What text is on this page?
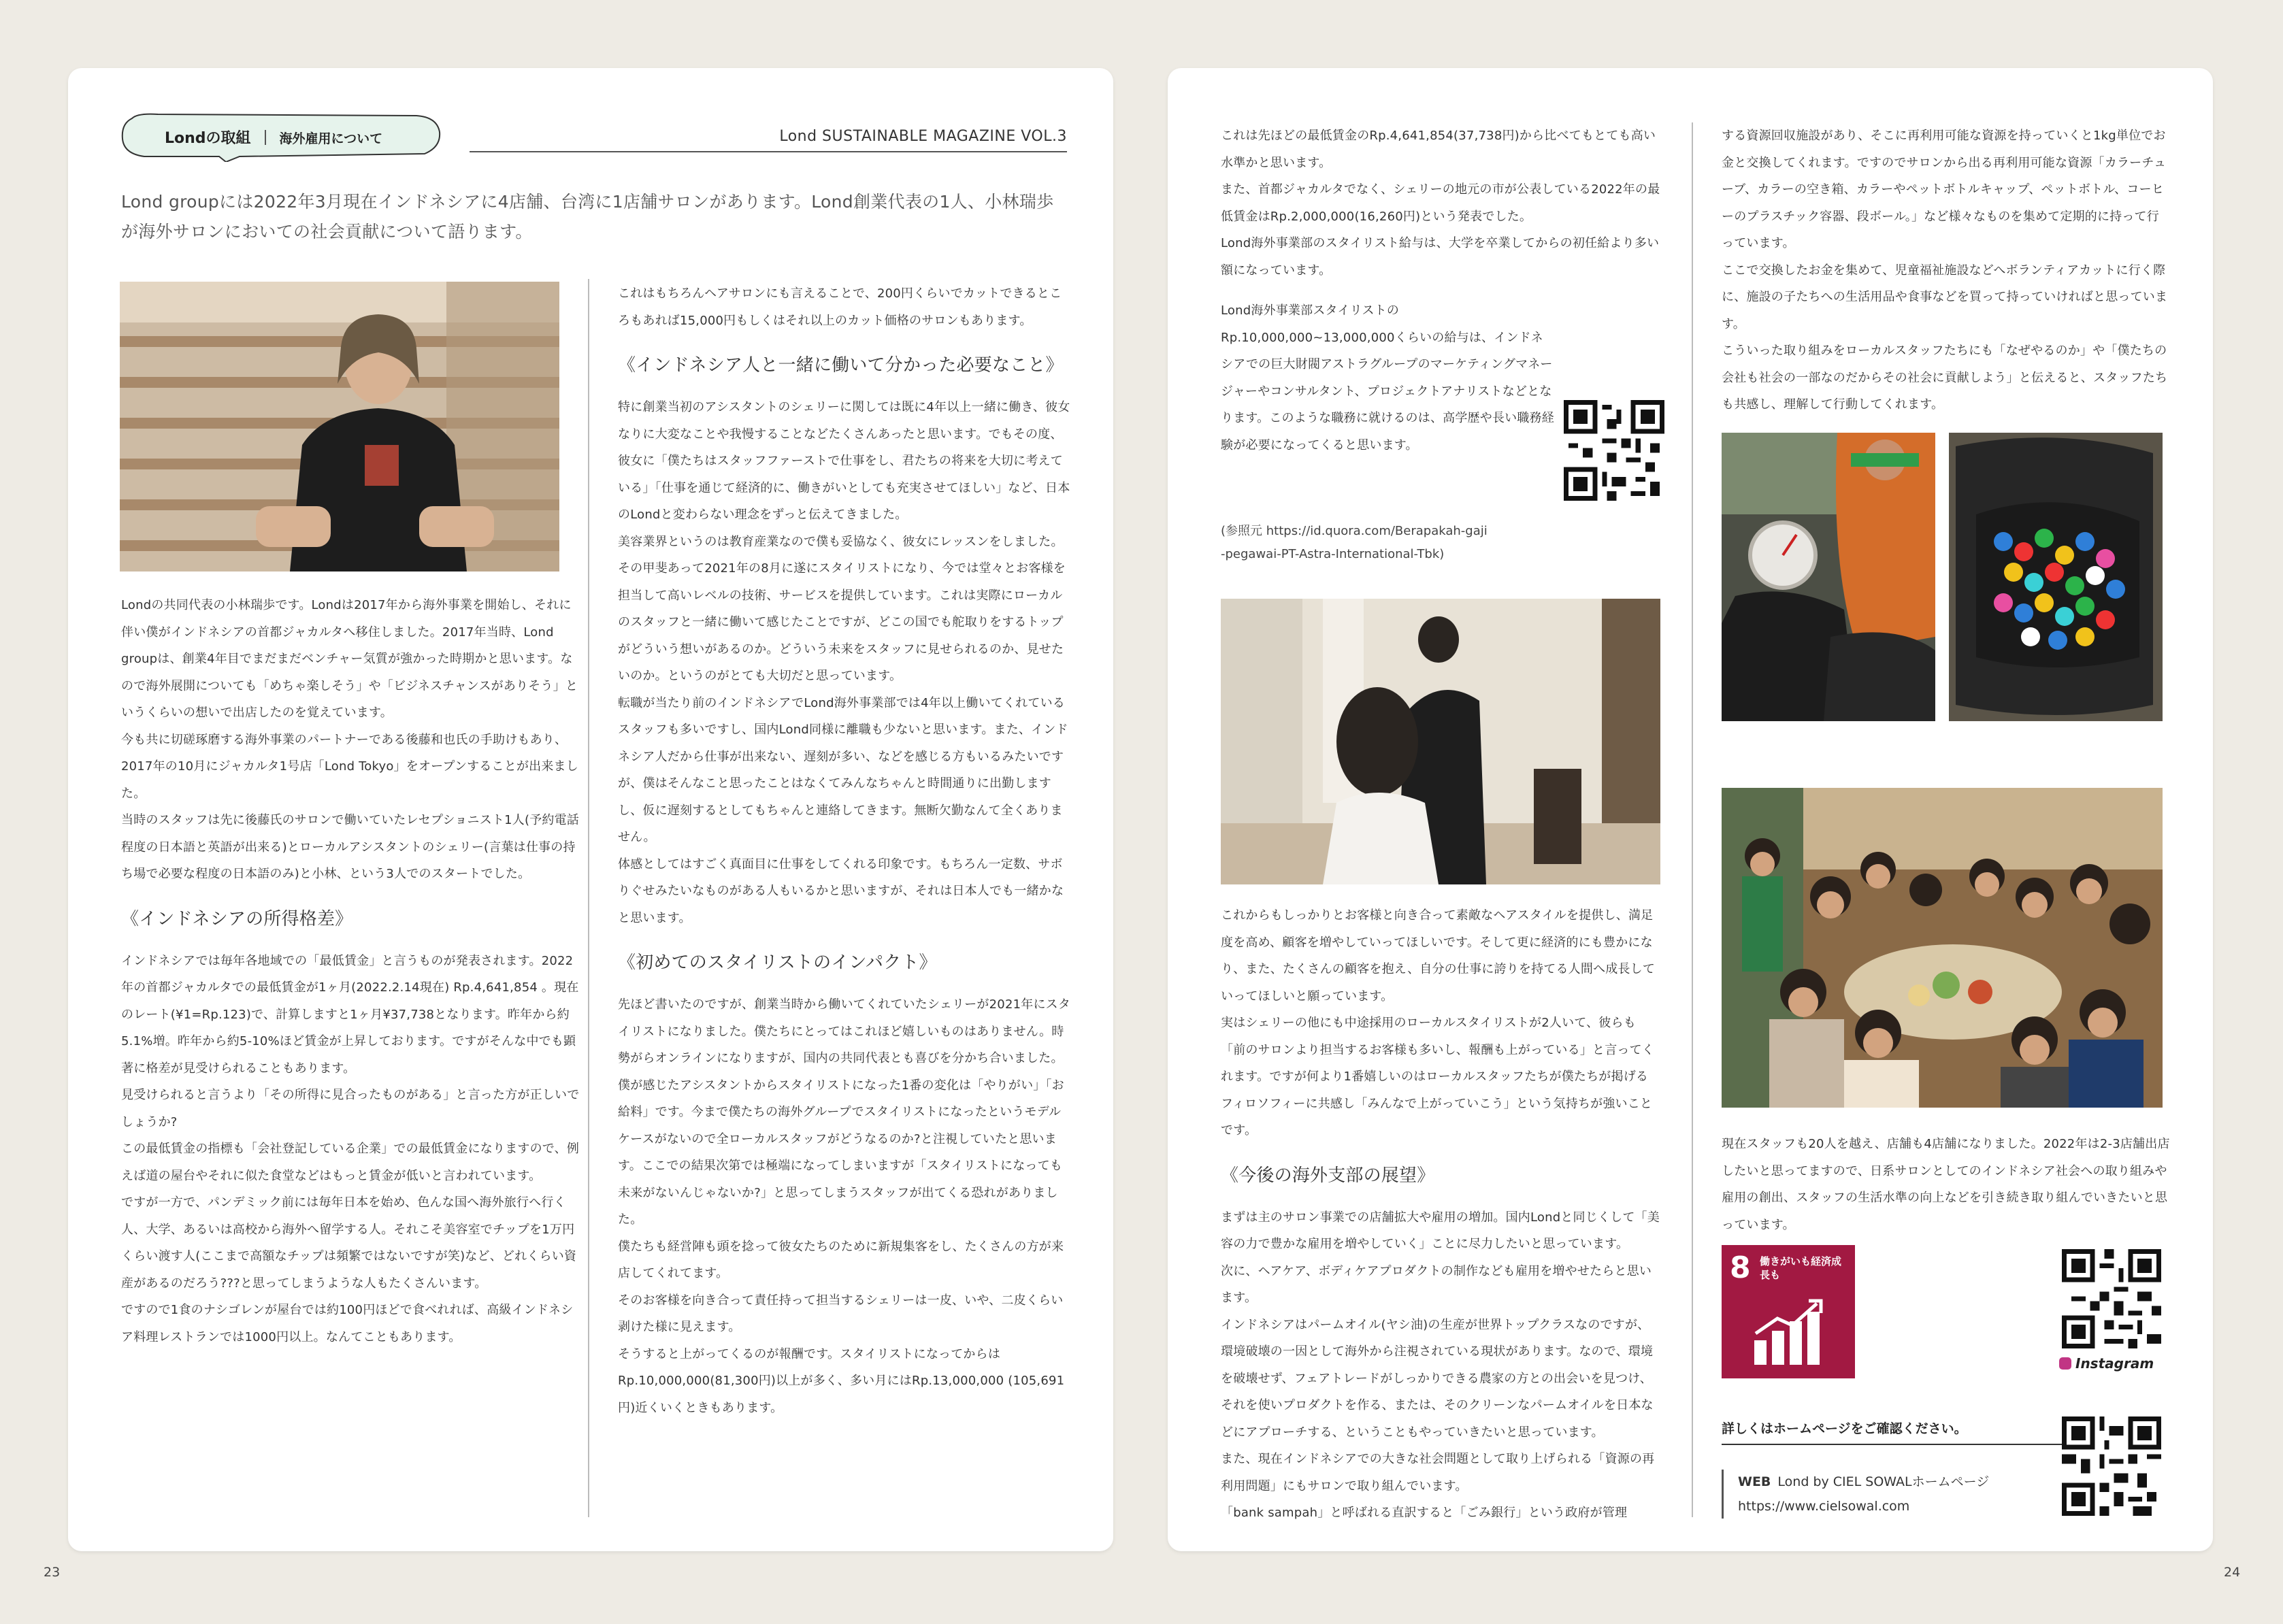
Londの取組 海外雇用について	Lond SUSTAINABLE MAGAZINE VOL.3
Lond groupには2022年3月現在インドネシアに4店舗、台湾に1店舗サロンがあります。Lond創業代表の1人、小林瑞歩
が海外サロンにおいての社会貢献について語ります。

Londの共同代表の小林瑞歩です。Londは2017年から海外事業を開始し、それに伴い僕がインドネシアの首都ジャカルタへ移住しました。2017年当時、Lond groupは、創業4年目でまだまだベンチャー気質が強かった時期かと思います。なので海外展開についても「めちゃ楽しそう」や「ビジネスチャンスがありそう」というくらいの想いで出店したのを覚えています。

今も共に切磋琢磨する海外事業のパートナーである後藤和也氏の手助けもあり、2017年の10月にジャカルタ1号店「Lond Tokyo」をオープンすることが出来ました。

当時のスタッフは先に後藤氏のサロンで働いていたレセプショニスト1人(予約電話程度の日本語と英語が出来る)とローカルアシスタントのシェリー(言葉は仕事の持ち場で必要な程度の日本語のみ)と小林、という3人でのスタートでした。

《インドネシアの所得格差》

インドネシアでは毎年各地域での「最低賃金」と言うものが発表されます。2022年の首都ジャカルタでの最低賃金が1ヶ月(2022.2.14現在) Rp.4,641,854 。現在のレート(¥1=Rp.123)で、計算しますと1ヶ月¥37,738となります。昨年から約5.1%増。昨年から約5-10%ほど賃金が上昇しております。ですがそんな中でも顕著に格差が見受けられることもあります。

見受けられると言うより「その所得に見合ったものがある」と言った方が正しいでしょうか?

この最低賃金の指標も「会社登記している企業」での最低賃金になりますので、例えば道の屋台やそれに似た食堂などはもっと賃金が低いと言われています。

ですが一方で、パンデミック前には毎年日本を始め、色んな国へ海外旅行へ行く人、大学、あるいは高校から海外へ留学する人。それこそ美容室でチップを1万円くらい渡す人(ここまで高額なチップは頻繁ではないですが笑)など、どれくらい資産があるのだろう???と思ってしまうような人もたくさんいます。

ですので1食のナシゴレンが屋台では約100円ほどで食べれれば、高級インドネシア料理レストランでは1000円以上。なんてこともあります。

これはもちろんヘアサロンにも言えることで、200円くらいでカットできるところもあれば15,000円もしくはそれ以上のカット価格のサロンもあります。

《インドネシア人と一緒に働いて分かった必要なこと》

特に創業当初のアシスタントのシェリーに関しては既に4年以上一緒に働き、彼女なりに大変なことや我慢することなどたくさんあったと思います。でもその度、彼女に「僕たちはスタッフファーストで仕事をし、君たちの将来を大切に考えている」「仕事を通じて経済的に、働きがいとしても充実させてほしい」など、日本のLondと変わらない理念をずっと伝えてきました。

美容業界というのは教育産業なので僕も妥協なく、彼女にレッスンをしました。その甲斐あって2021年の8月に遂にスタイリストになり、今では堂々とお客様を担当して高いレベルの技術、サービスを提供しています。これは実際にローカルのスタッフと一緒に働いて感じたことですが、どこの国でも舵取りをするトップがどういう想いがあるのか。どういう未来をスタッフに見せられるのか、見せたいのか。というのがとても大切だと思っています。

転職が当たり前のインドネシアでLond海外事業部では4年以上働いてくれているスタッフも多いですし、国内Lond同様に離職も少ないと思います。また、インドネシア人だから仕事が出来ない、遅刻が多い、などを感じる方もいるみたいですが、僕はそんなこと思ったことはなくてみんなちゃんと時間通りに出勤しますし、仮に遅刻するとしてもちゃんと連絡してきます。無断欠勤なんて全くありません。

体感としてはすごく真面目に仕事をしてくれる印象です。もちろん一定数、サボりぐせみたいなものがある人もいるかと思いますが、それは日本人でも一緒かなと思います。

《初めてのスタイリストのインパクト》

先ほど書いたのですが、創業当時から働いてくれていたシェリーが2021年にスタイリストになりました。僕たちにとってはこれほど嬉しいものはありません。時勢がらオンラインになりますが、国内の共同代表とも喜びを分かち合いました。僕が感じたアシスタントからスタイリストになった1番の変化は「やりがい」「お給料」です。今まで僕たちの海外グループでスタイリストになったというモデルケースがないので全ローカルスタッフがどうなるのか?と注視していたと思います。ここでの結果次第では極端になってしまいますが「スタイリストになっても未来がないんじゃないか?」と思ってしまうスタッフが出てくる恐れがありました。

僕たちも経営陣も頭を捻って彼女たちのために新規集客をし、たくさんの方が来店してくれてます。

そのお客様を向き合って責任持って担当するシェリーは一皮、いや、二皮くらい剥けた様に見えます。

そうすると上がってくるのが報酬です。スタイリストになってからはRp.10,000,000(81,300円)以上が多く、多い月にはRp.13,000,000 (105,691円)近くいくときもあります。

これは先ほどの最低賃金のRp.4,641,854(37,738円)から比べてもとても高い水準かと思います。

また、首都ジャカルタでなく、シェリーの地元の市が公表している2022年の最低賃金はRp.2,000,000(16,260円)という発表でした。

Lond海外事業部のスタイリスト給与は、大学を卒業してからの初任給より多い額になっています。

Lond海外事業部スタイリストのRp.10,000,000~13,000,000くらいの給与は、インドネシアでの巨大財閥アストラグループのマーケティングマネージャーやコンサルタント、プロジェクトアナリストなどとなります。このような職務に就けるのは、高学歴や長い職務経験が必要になってくると思います。

(参照元 https://id.quora.com/Berapakah-gaji
-pegawai-PT-Astra-International-Tbk)

これからもしっかりとお客様と向き合って素敵なヘアスタイルを提供し、満足度を高め、顧客を増やしていってほしいです。そして更に経済的にも豊かになり、また、たくさんの顧客を抱え、自分の仕事に誇りを持てる人間へ成長していってほしいと願っています。

実はシェリーの他にも中途採用のローカルスタイリストが2人いて、彼らも「前のサロンより担当するお客様も多いし、報酬も上がっている」と言ってくれます。ですが何より1番嬉しいのはローカルスタッフたちが僕たちが掲げるフィロソフィーに共感し「みんなで上がっていこう」という気持ちが強いことです。

《今後の海外支部の展望》

まずは主のサロン事業での店舗拡大や雇用の増加。国内Londと同じくして「美容の力で豊かな雇用を増やしていく」ことに尽力したいと思っています。

次に、ヘアケア、ボディケアプロダクトの制作なども雇用を増やせたらと思います。

インドネシアはパームオイル(ヤシ油)の生産が世界トップクラスなのですが、環境破壊の一因として海外から注視されている現状があります。なので、環境を破壊せず、フェアトレードがしっかりできる農家の方との出会いを見つけ、それを使いプロダクトを作る、または、そのクリーンなパームオイルを日本などにアプローチする、ということもやっていきたいと思っています。

また、現在インドネシアでの大きな社会問題として取り上げられる「資源の再利用問題」にもサロンで取り組んでいます。

「bank sampah」と呼ばれる直訳すると「ごみ銀行」という政府が管理

する資源回収施設があり、そこに再利用可能な資源を持っていくと1kg単位でお金と交換してくれます。ですのでサロンから出る再利用可能な資源「カラーチューブ、カラーの空き箱、カラーやペットボトルキャップ、ペットボトル、コーヒーのプラスチック容器、段ボール。」など様々なものを集めて定期的に持って行っています。

ここで交換したお金を集めて、児童福祉施設などへボランティアカットに行く際に、施設の子たちへの生活用品や食事などを買って持っていければと思っています。

こういった取り組みをローカルスタッフたちにも「なぜやるのか」や「僕たちの会社も社会の一部なのだからその社会に貢献しよう」と伝えると、スタッフたちも共感し、理解して行動してくれます。

現在スタッフも20人を越え、店舗も4店舗になりました。2022年は2-3店舗出店したいと思ってますので、日系サロンとしてのインドネシア社会への取り組みや雇用の創出、スタッフの生活水準の向上などを引き続き取り組んでいきたいと思っています。

8 働きがいも経済成長も
Instagram
詳しくはホームページをご確認ください。
WEB Lond by CIEL SOWALホームページ
https://www.cielsowal.com
23	24
